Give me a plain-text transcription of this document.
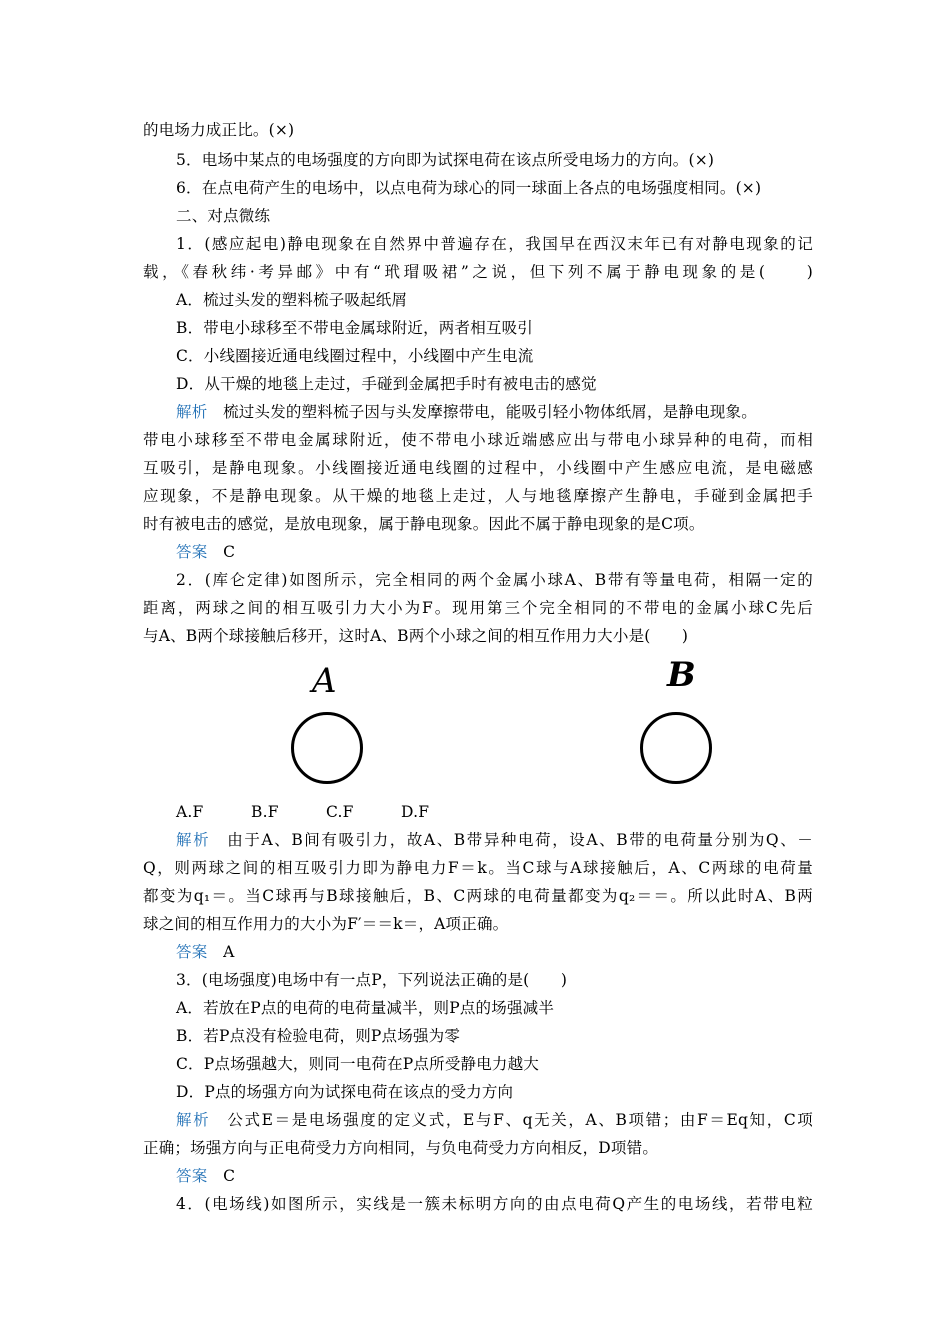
的电场力成正比。(×)
5．电场中某点的电场强度的方向即为试探电荷在该点所受电场力的方向。(×)
6．在点电荷产生的电场中，以点电荷为球心的同一球面上各点的电场强度相同。(×)
二、对点微练
1．(感应起电)静电现象在自然界中普遍存在，我国早在西汉末年已有对静电现象的记
载，《春秋纬·考异邮》中有“玳瑁吸裙”之说，但下列不属于静电现象的是(　　)
A．梳过头发的塑料梳子吸起纸屑
B．带电小球移至不带电金属球附近，两者相互吸引
C．小线圈接近通电线圈过程中，小线圈中产生电流
D．从干燥的地毯上走过，手碰到金属把手时有被电击的感觉
解析　梳过头发的塑料梳子因与头发摩擦带电，能吸引轻小物体纸屑，是静电现象。
带电小球移至不带电金属球附近，使不带电小球近端感应出与带电小球异种的电荷，而相
互吸引，是静电现象。小线圈接近通电线圈的过程中，小线圈中产生感应电流，是电磁感
应现象，不是静电现象。从干燥的地毯上走过，人与地毯摩擦产生静电，手碰到金属把手
时有被电击的感觉，是放电现象，属于静电现象。因此不属于静电现象的是C项。
答案　C
2．(库仑定律)如图所示，完全相同的两个金属小球A、B带有等量电荷，相隔一定的
距离，两球之间的相互吸引力大小为F。现用第三个完全相同的不带电的金属小球C先后
与A、B两个球接触后移开，这时A、B两个小球之间的相互作用力大小是(　　)
A	B
A.F	B.F	C.F	D.F
解析　由于A、B间有吸引力，故A、B带异种电荷，设A、B带的电荷量分别为Q、－
Q，则两球之间的相互吸引力即为静电力F＝k。当C球与A球接触后，A、C两球的电荷量
都变为q₁＝。当C球再与B球接触后，B、C两球的电荷量都变为q₂＝＝。所以此时A、B两
球之间的相互作用力的大小为F′＝＝k＝，A项正确。
答案　A
3．(电场强度)电场中有一点P，下列说法正确的是(　　)
A．若放在P点的电荷的电荷量减半，则P点的场强减半
B．若P点没有检验电荷，则P点场强为零
C．P点场强越大，则同一电荷在P点所受静电力越大
D．P点的场强方向为试探电荷在该点的受力方向
解析　公式E＝是电场强度的定义式，E与F、q无关，A、B项错；由F＝Eq知，C项
正确；场强方向与正电荷受力方向相同，与负电荷受力方向相反，D项错。
答案　C
4．(电场线)如图所示，实线是一簇未标明方向的由点电荷Q产生的电场线，若带电粒
